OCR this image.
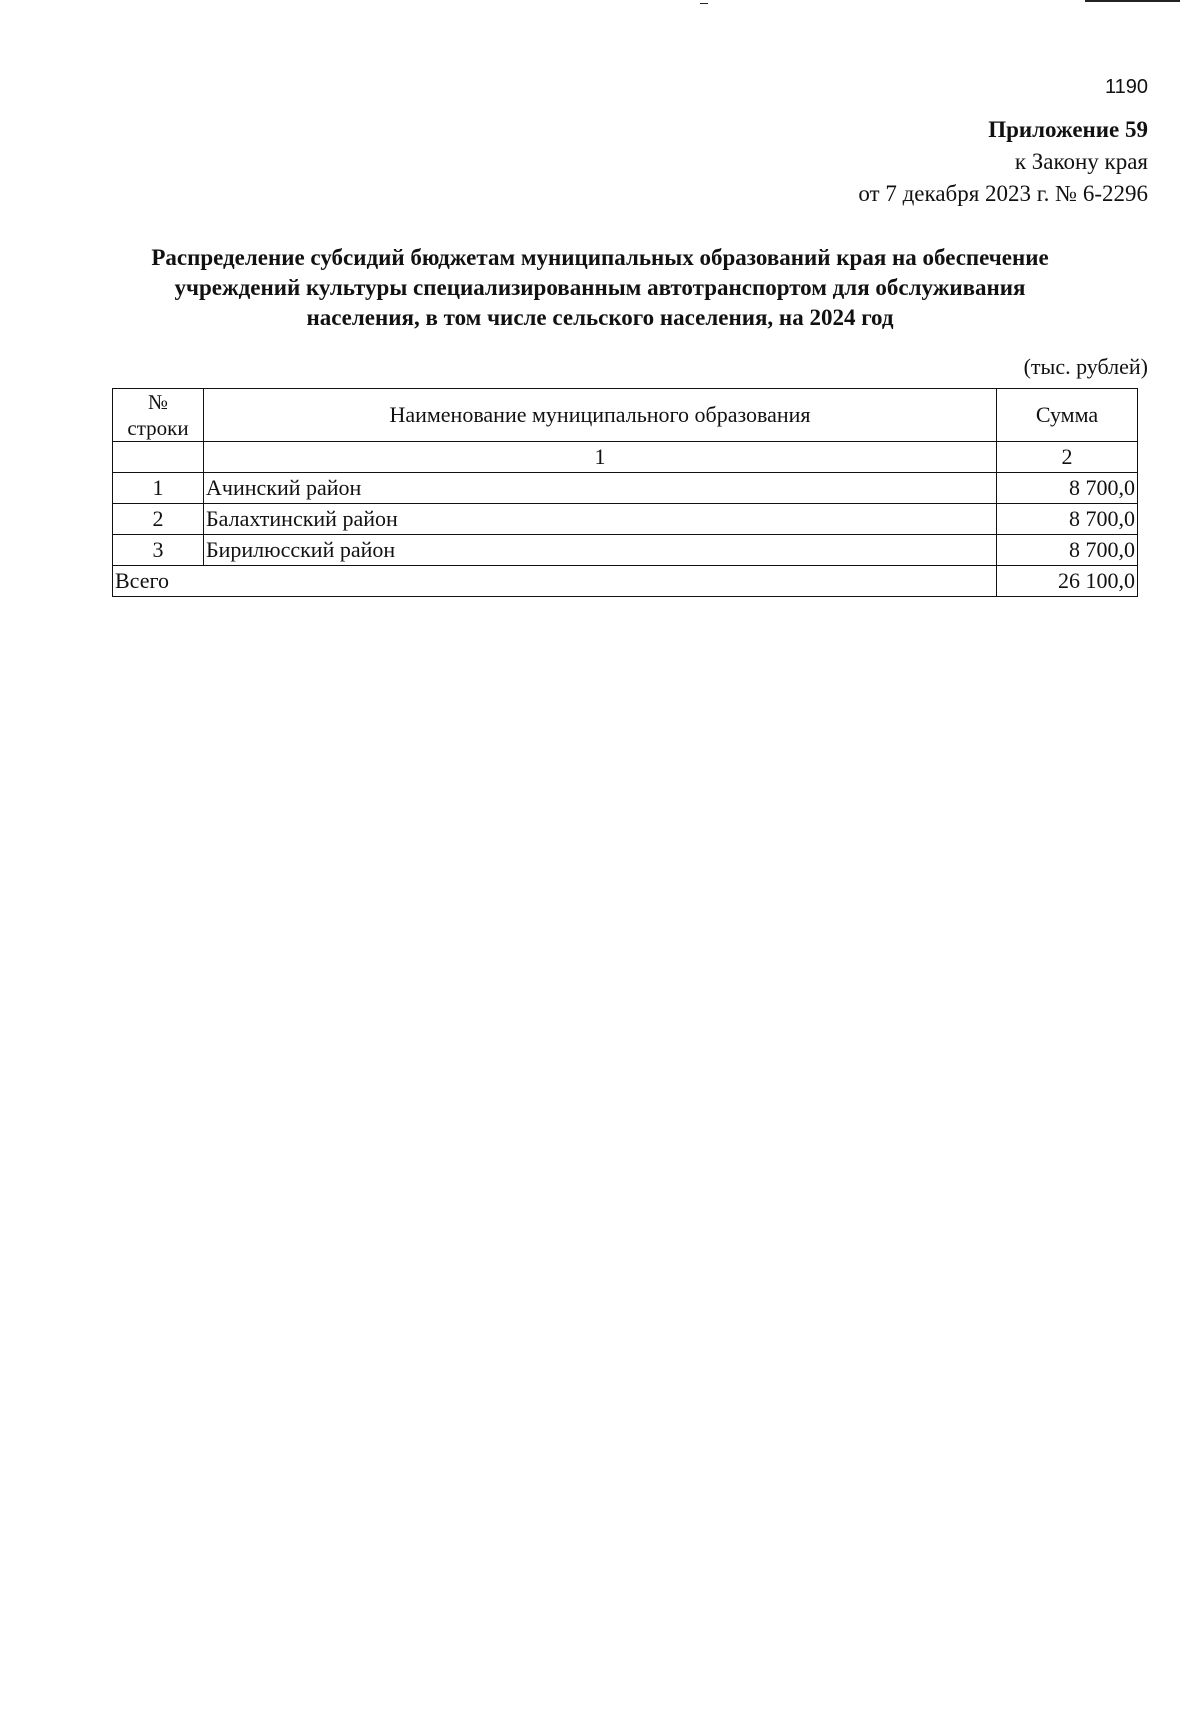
1190
Приложение 59
к Закону края
от 7 декабря 2023 г. № 6-2296
Распределение субсидий бюджетам муниципальных образований края на обеспечение
учреждений культуры специализированным автотранспортом для обслуживания
населения, в том числе сельского населения, на 2024 год
(тыс. рублей)
№
строки	Наименование муниципального образования	Сумма
	1	2
1	Ачинский район	8 700,0
2	Балахтинский район	8 700,0
3	Бирилюсский район	8 700,0
Всего		26 100,0
